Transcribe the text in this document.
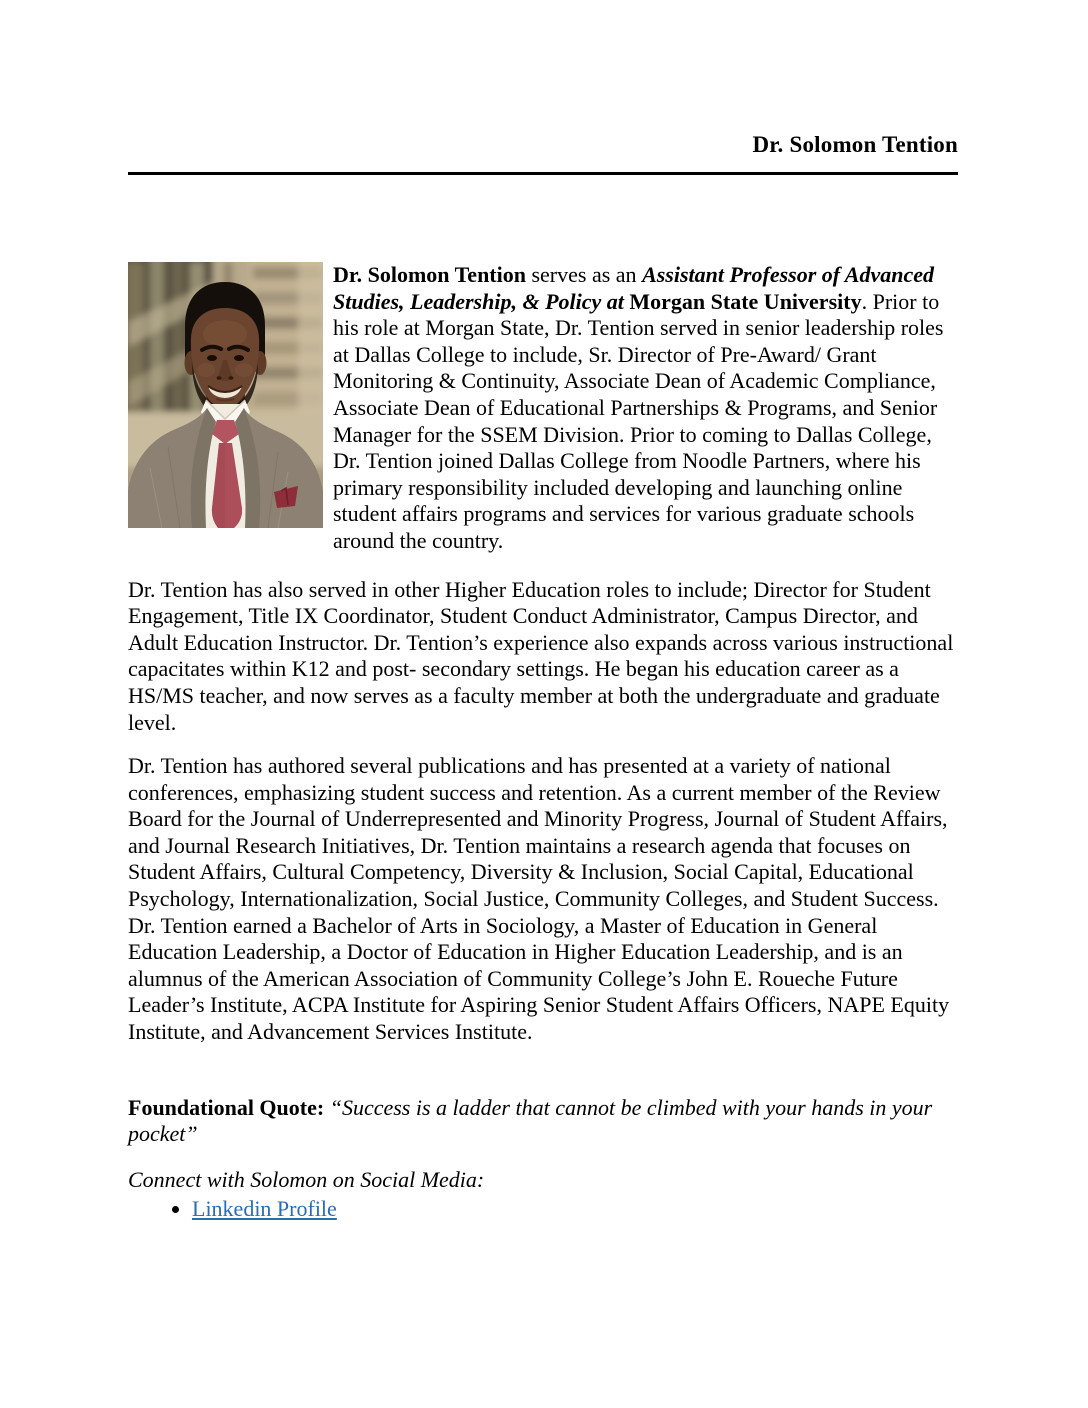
Dr. Solomon Tention

Dr. Solomon Tention serves as an Assistant Professor of Advanced Studies, Leadership, & Policy at Morgan State University. Prior to his role at Morgan State, Dr. Tention served in senior leadership roles at Dallas College to include, Sr. Director of Pre-Award/ Grant Monitoring & Continuity, Associate Dean of Academic Compliance, Associate Dean of Educational Partnerships & Programs, and Senior Manager for the SSEM Division. Prior to coming to Dallas College, Dr. Tention joined Dallas College from Noodle Partners, where his primary responsibility included developing and launching online student affairs programs and services for various graduate schools around the country.

Dr. Tention has also served in other Higher Education roles to include; Director for Student Engagement, Title IX Coordinator, Student Conduct Administrator, Campus Director, and Adult Education Instructor. Dr. Tention’s experience also expands across various instructional capacitates within K12 and post- secondary settings. He began his education career as a HS/MS teacher, and now serves as a faculty member at both the undergraduate and graduate level.

Dr. Tention has authored several publications and has presented at a variety of national conferences, emphasizing student success and retention. As a current member of the Review Board for the Journal of Underrepresented and Minority Progress, Journal of Student Affairs, and Journal Research Initiatives, Dr. Tention maintains a research agenda that focuses on Student Affairs, Cultural Competency, Diversity & Inclusion, Social Capital, Educational Psychology, Internationalization, Social Justice, Community Colleges, and Student Success. Dr. Tention earned a Bachelor of Arts in Sociology, a Master of Education in General Education Leadership, a Doctor of Education in Higher Education Leadership, and is an alumnus of the American Association of Community College’s John E. Roueche Future Leader’s Institute, ACPA Institute for Aspiring Senior Student Affairs Officers, NAPE Equity Institute, and Advancement Services Institute.

Foundational Quote: “Success is a ladder that cannot be climbed with your hands in your pocket”

Connect with Solomon on Social Media:

• Linkedin Profile
